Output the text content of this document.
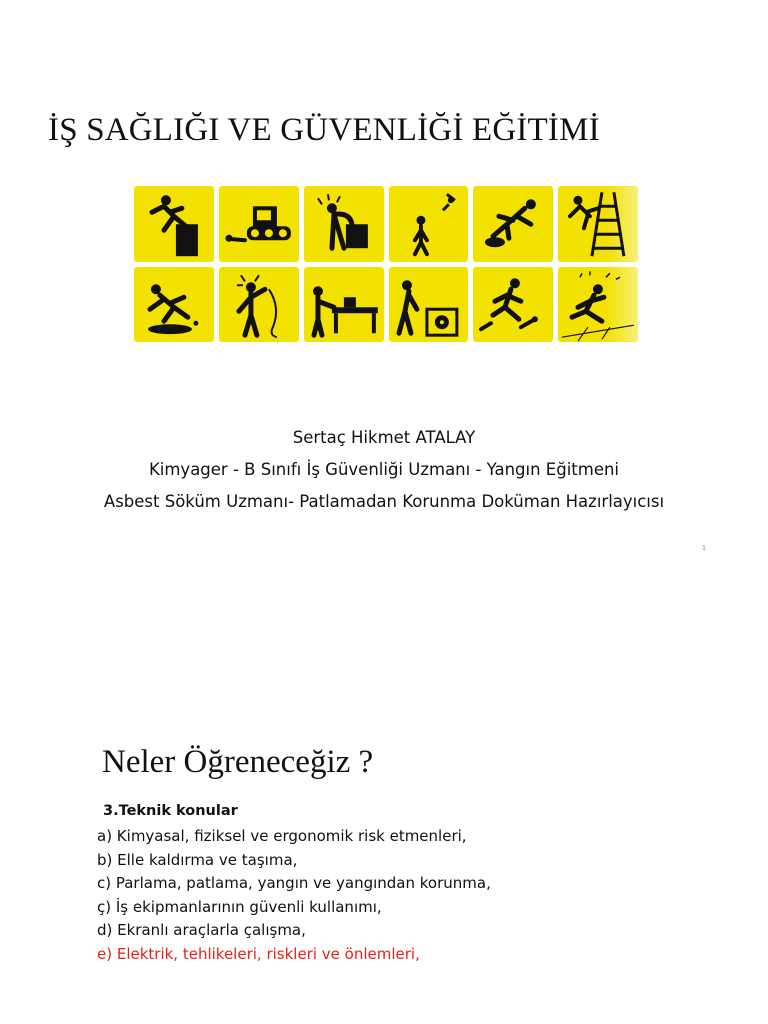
İŞ SAĞLIĞI VE GÜVENLİĞİ EĞİTİMİ
Sertaç Hikmet ATALAY
Kimyager - B Sınıfı İş Güvenliği Uzmanı - Yangın Eğitmeni
Asbest Söküm Uzmanı- Patlamadan Korunma Doküman Hazırlayıcısı
1
Neler Öğreneceğiz ?
3.Teknik konular
a) Kimyasal, fiziksel ve ergonomik risk etmenleri,
b) Elle kaldırma ve taşıma,
c) Parlama, patlama, yangın ve yangından korunma,
ç) İş ekipmanlarının güvenli kullanımı,
d) Ekranlı araçlarla çalışma,
e) Elektrik, tehlikeleri, riskleri ve önlemleri,
